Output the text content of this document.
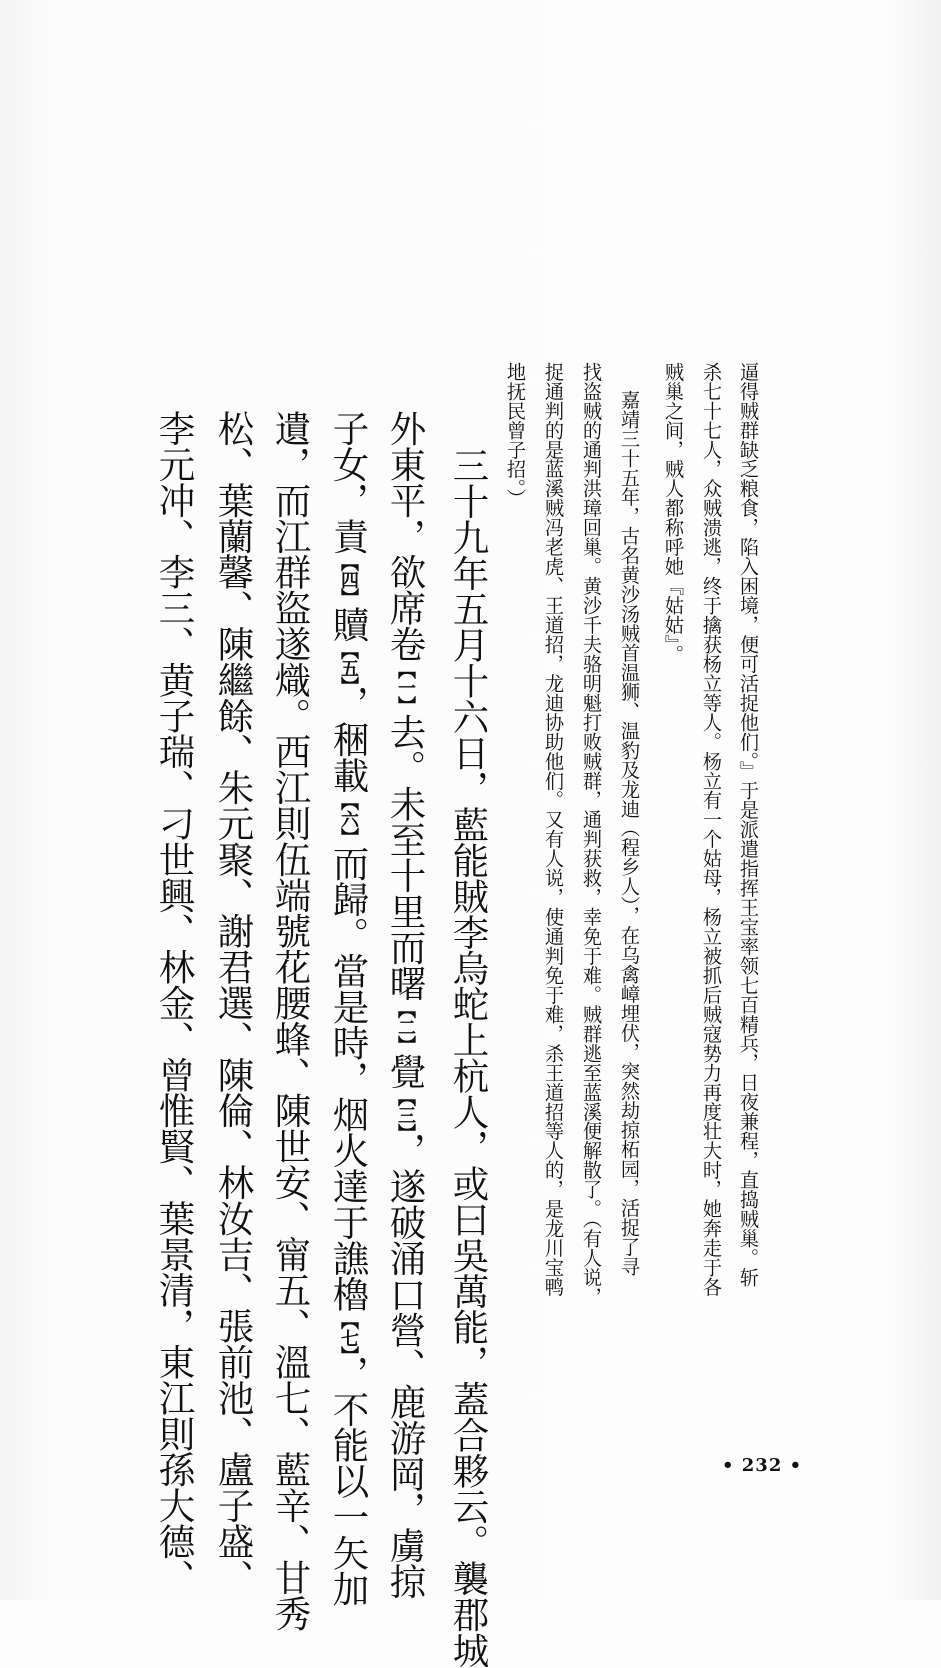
逼得贼群缺乏粮食，陷入困境，便可活捉他们。』于是派遣指挥王宝率领七百精兵，日夜兼程，直捣贼巢。斩
杀七十七人，众贼溃逃，终于擒获杨立等人。杨立有一个姑母，杨立被抓后贼寇势力再度壮大时，她奔走于各
贼巢之间，贼人都称呼她『姑姑』。
嘉靖三十五年，古名黄沙汤贼首温狮、温豹及龙迪（程乡人），在乌禽嶂埋伏，突然劫掠柘园，活捉了寻
找盗贼的通判洪璋回巢。黄沙千夫骆明魁打败贼群，通判获救，幸免于难。贼群逃至蓝溪便解散了。（有人说，
捉通判的是蓝溪贼冯老虎、王道招，龙迪协助他们。又有人说，使通判免于难，杀王道招等人的，是龙川宝鸭
地抚民曾子招。）
三十九年五月十六日，藍能賊李烏蛇上杭人，或曰吳萬能，蓋合夥云。襲郡城
外東平，欲席卷【一】去。未至十里而曙【二】覺【三】，遂破涌口營、鹿游岡，虜掠
子女，責【四】贖【五】，稇載【六】而歸。當是時，烟火達于譙櫓【七】，不能以一矢加
遺，而江群盜遂熾。西江則伍端號花腰蜂、陳世安、甯五、溫七、藍辛、甘秀
松、葉蘭馨、陳繼餘、朱元聚、謝君選、陳倫、林汝吉、張前池、盧子盛、
李元冲、李三、黄子瑞、刁世興、林金、曾惟賢、葉景清，東江則孫大德、	• 232 •
